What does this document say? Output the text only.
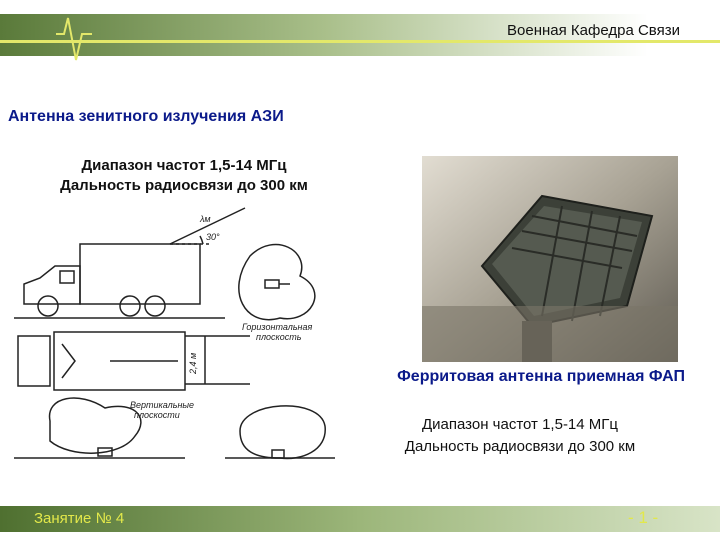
Военная Кафедра Связи
Антенна зенитного излучения АЗИ
Диапазон частот 1,5-14 МГц
Дальность радиосвязи до 300 км
λм
30°
2,4 м
Горизонтальная
плоскость
Вертикальные
плоскости
Ферритовая антенна приемная ФАП
Диапазон частот 1,5-14 МГц
Дальность радиосвязи до 300 км
Занятие № 4	- 1 -
